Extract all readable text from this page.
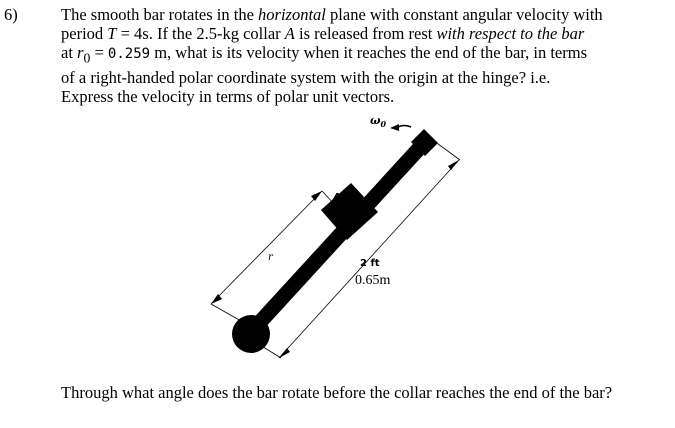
6)	The smooth bar rotates in the horizontal plane with constant angular velocity with
period T = 4s. If the 2.5-kg collar A is released from rest with respect to the bar
at $r_0 = 0.259$ m, what is its velocity when it reaches the end of the bar, in terms
of a right-handed polar coordinate system with the origin at the hinge? i.e.
Express the velocity in terms of polar unit vectors.
$\omega_0$
A
r
2 ft
0.65m
Through what angle does the bar rotate before the collar reaches the end of the bar?
